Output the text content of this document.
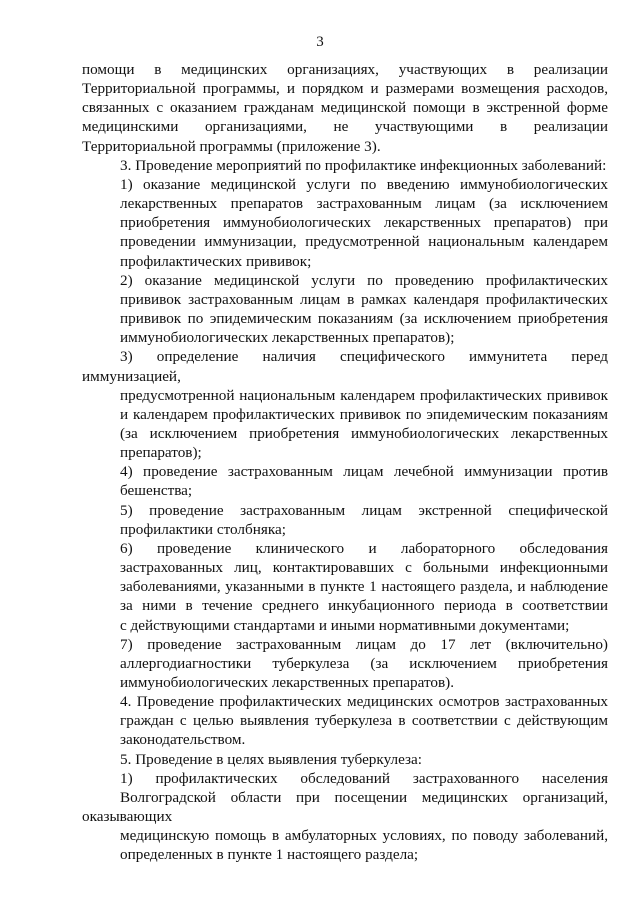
3

помощи в медицинских организациях, участвующих в реализации
Территориальной программы, и порядком и размерами возмещения расходов,
связанных с оказанием гражданам медицинской помощи в экстренной форме
медицинскими организациями, не участвующими в реализации
Территориальной программы (приложение 3).

3. Проведение мероприятий по профилактике инфекционных заболеваний:

1) оказание медицинской услуги по введению иммунобиологических
лекарственных препаратов застрахованным лицам (за исключением
приобретения иммунобиологических лекарственных препаратов) при
проведении иммунизации, предусмотренной национальным календарем
профилактических прививок;

2) оказание медицинской услуги по проведению профилактических
прививок застрахованным лицам в рамках календаря профилактических
прививок по эпидемическим показаниям (за исключением приобретения
иммунобиологических лекарственных препаратов);

3) определение наличия специфического иммунитета перед иммунизацией,
предусмотренной национальным календарем профилактических прививок
и календарем профилактических прививок по эпидемическим показаниям
(за исключением приобретения иммунобиологических лекарственных
препаратов);

4) проведение застрахованным лицам лечебной иммунизации против
бешенства;

5) проведение застрахованным лицам экстренной специфической
профилактики столбняка;

6) проведение клинического и лабораторного обследования
застрахованных лиц, контактировавших с больными инфекционными
заболеваниями, указанными в пункте 1 настоящего раздела, и наблюдение
за ними в течение среднего инкубационного периода в соответствии
с действующими стандартами и иными нормативными документами;

7) проведение застрахованным лицам до 17 лет (включительно)
аллергодиагностики туберкулеза (за исключением приобретения
иммунобиологических лекарственных препаратов).

4. Проведение профилактических медицинских осмотров застрахованных
граждан с целью выявления туберкулеза в соответствии с действующим
законодательством.

5. Проведение в целях выявления туберкулеза:

1) профилактических обследований застрахованного населения
Волгоградской области при посещении медицинских организаций, оказывающих
медицинскую помощь в амбулаторных условиях, по поводу заболеваний,
определенных в пункте 1 настоящего раздела;
